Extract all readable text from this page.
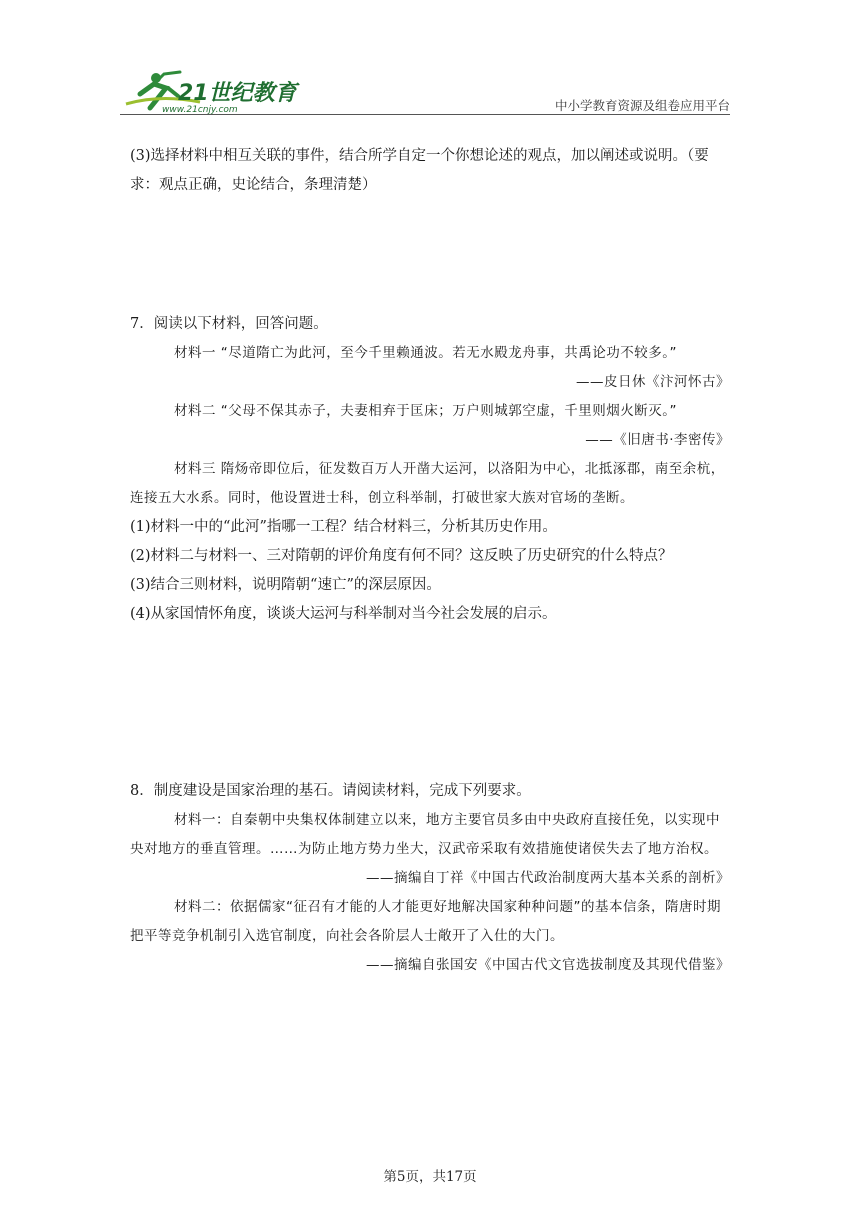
21世纪教育
www.21cnjy.com	中小学教育资源及组卷应用平台

(3)选择材料中相互关联的事件，结合所学自定一个你想论述的观点，加以阐述或说明。（要求：观点正确，史论结合，条理清楚）

7．阅读以下材料，回答问题。

材料一 “尽道隋亡为此河，至今千里赖通波。若无水殿龙舟事，共禹论功不较多。”

——皮日休《汴河怀古》

材料二 “父母不保其赤子，夫妻相弃于匡床；万户则城郭空虚，千里则烟火断灭。”

——《旧唐书·李密传》

材料三 隋炀帝即位后，征发数百万人开凿大运河，以洛阳为中心，北抵涿郡，南至余杭，连接五大水系。同时，他设置进士科，创立科举制，打破世家大族对官场的垄断。

(1)材料一中的“此河”指哪一工程？结合材料三，分析其历史作用。

(2)材料二与材料一、三对隋朝的评价角度有何不同？这反映了历史研究的什么特点？

(3)结合三则材料，说明隋朝“速亡”的深层原因。

(4)从家国情怀角度，谈谈大运河与科举制对当今社会发展的启示。

8．制度建设是国家治理的基石。请阅读材料，完成下列要求。

材料一：自秦朝中央集权体制建立以来，地方主要官员多由中央政府直接任免，以实现中央对地方的垂直管理。……为防止地方势力坐大，汉武帝采取有效措施使诸侯失去了地方治权。

——摘编自丁祥《中国古代政治制度两大基本关系的剖析》

材料二：依据儒家“征召有才能的人才能更好地解决国家种种问题”的基本信条，隋唐时期把平等竞争机制引入选官制度，向社会各阶层人士敞开了入仕的大门。

——摘编自张国安《中国古代文官选拔制度及其现代借鉴》

第5页，共17页
